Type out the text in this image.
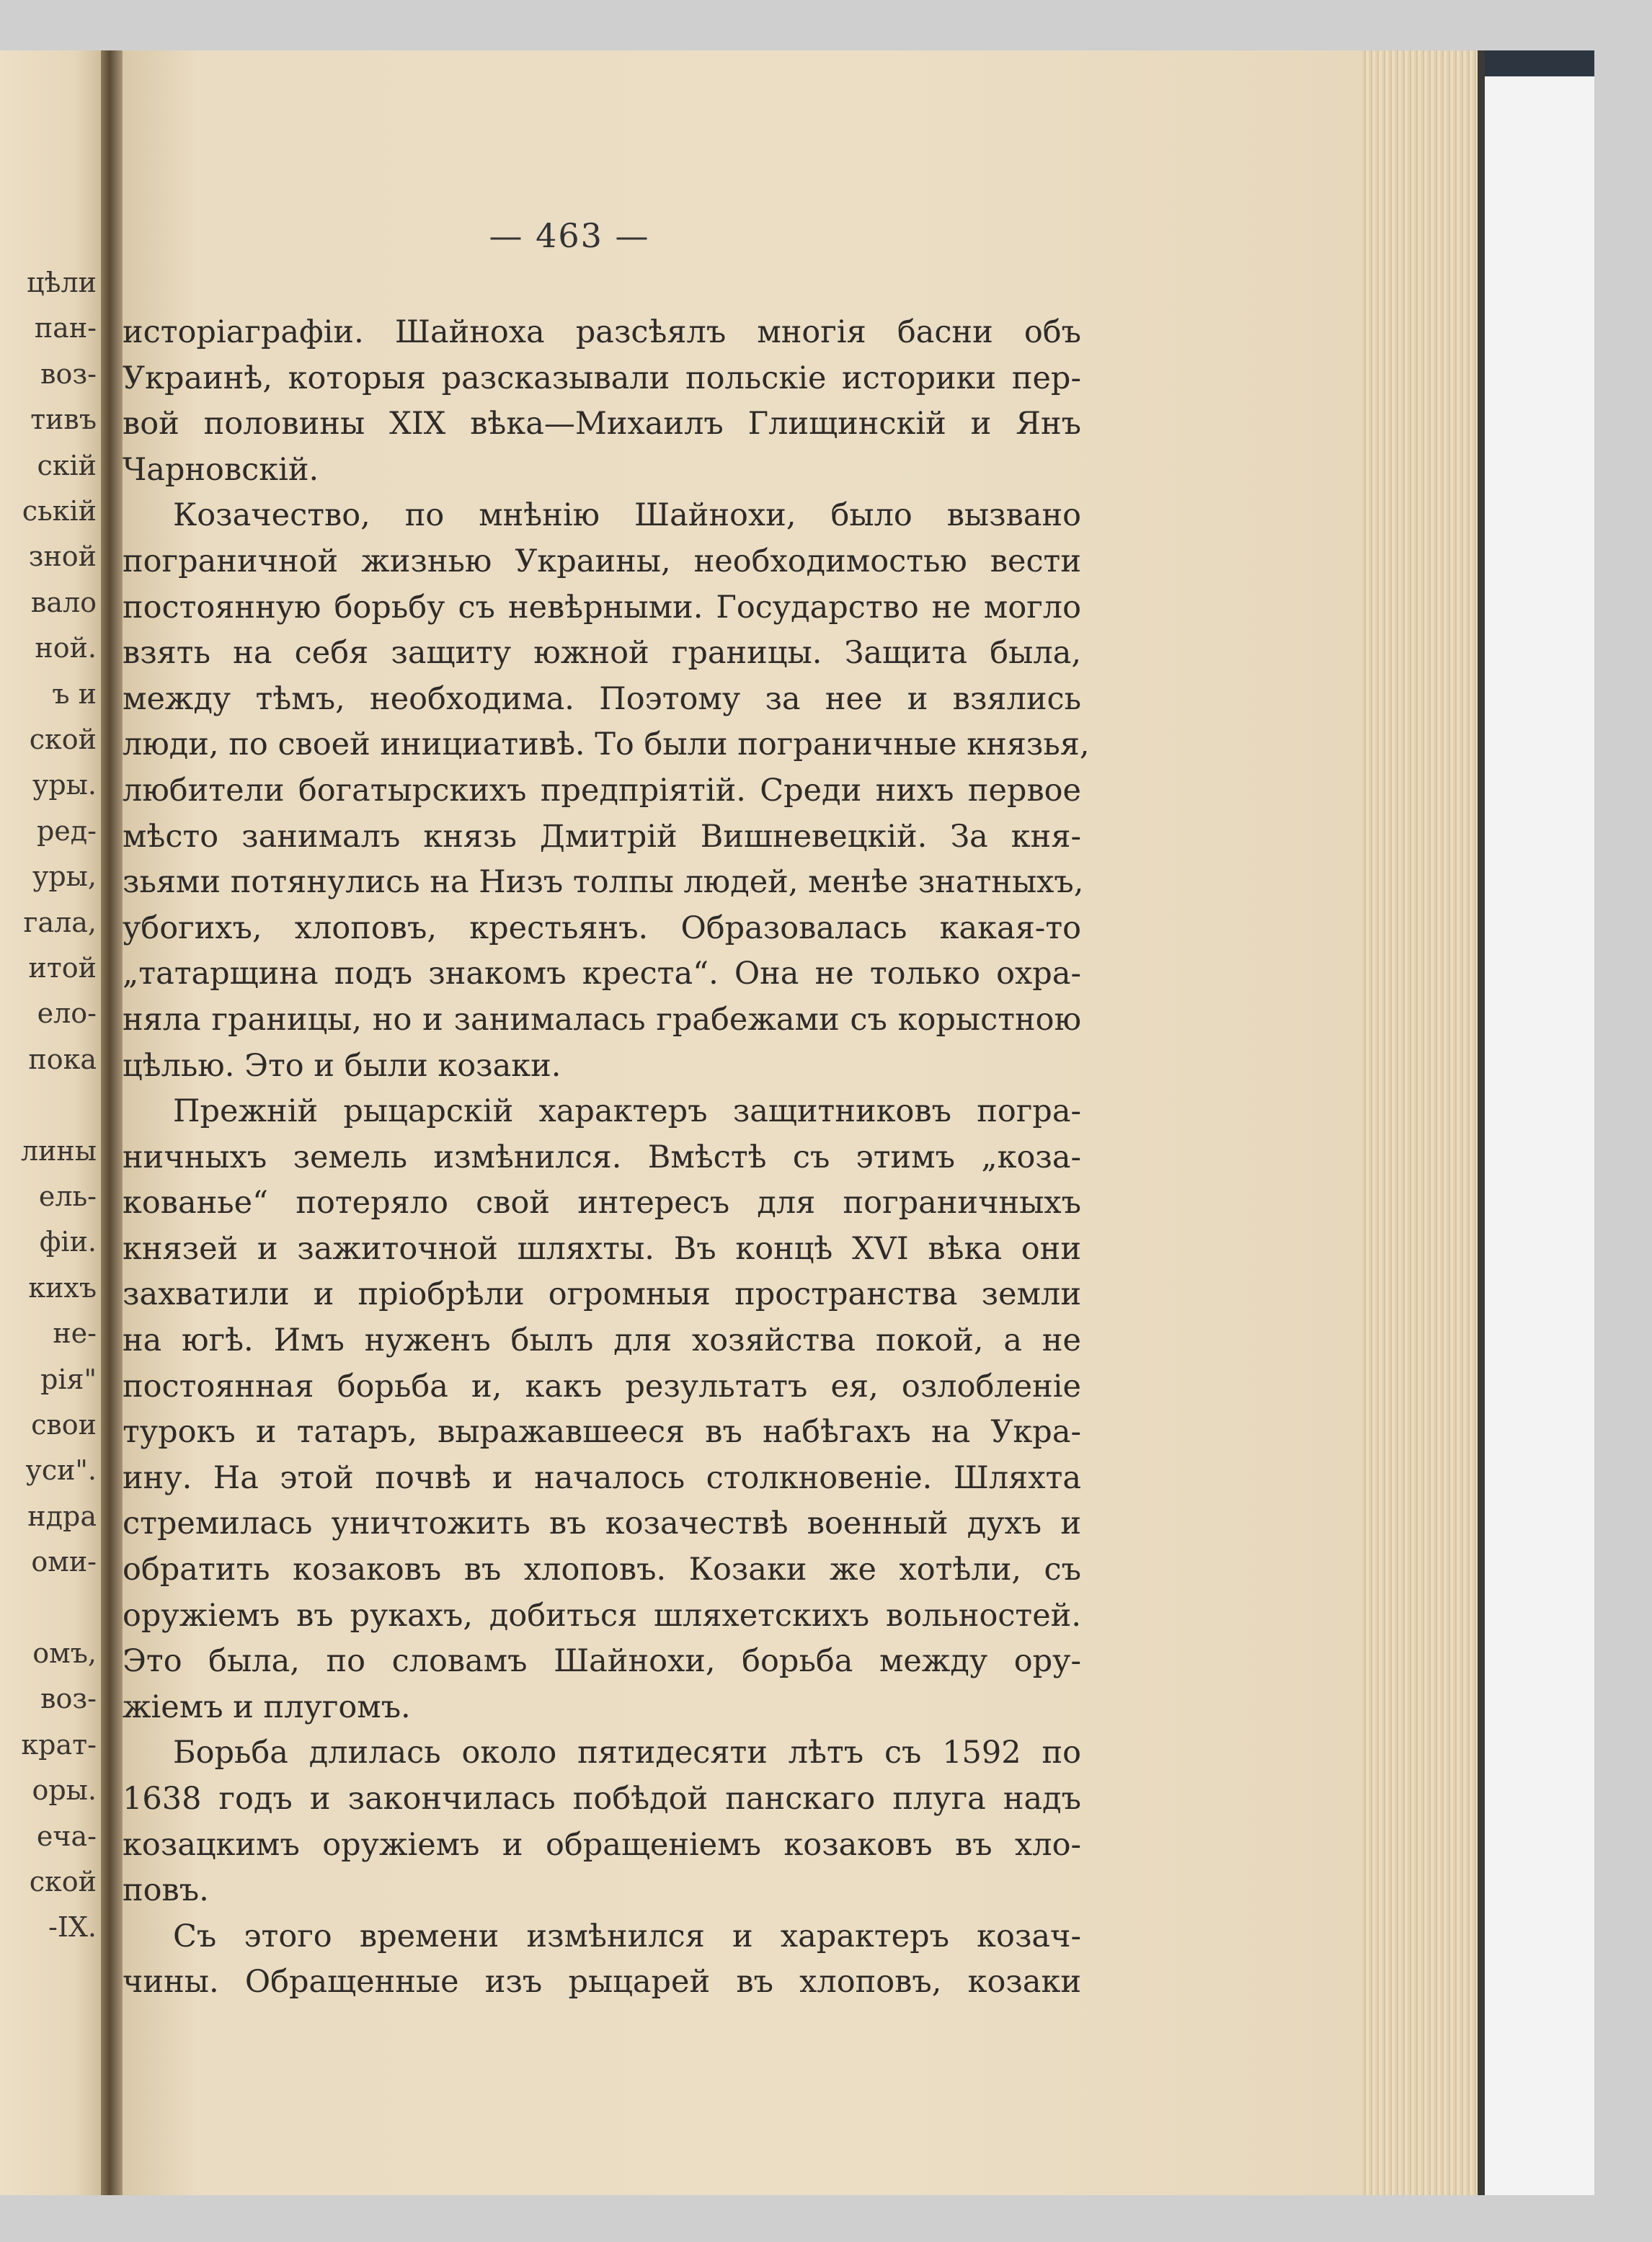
цѣли
пан-
воз-
тивъ
скій
ській
зной
вало
ной.
ъ и
ской
уры.
ред-
уры,
гала,
итой
ело-
пока
лины
ель-
фіи.
кихъ
не-
рія"
свои
уси".
ндра
оми-
омъ,
воз-
крат-
оры.
еча-
ской
-IX.
— 463 —
исторіаграфіи. Шайноха разсѣялъ многія басни объ
Украинѣ, которыя разсказывали польскіе историки пер-
вой половины XIX вѣка—Михаилъ Глищинскій и Янъ
Чарновскій.
Козачество, по мнѣнію Шайнохи, было вызвано
пограничной жизнью Украины, необходимостью вести
постоянную борьбу съ невѣрными. Государство не могло
взять на себя защиту южной границы. Защита была,
между тѣмъ, необходима. Поэтому за нее и взялись
люди, по своей инициативѣ. То были пограничные князья,
любители богатырскихъ предпріятій. Среди нихъ первое
мѣсто занималъ князь Дмитрій Вишневецкій. За кня-
зьями потянулись на Низъ толпы людей, менѣе знатныхъ,
убогихъ, хлоповъ, крестьянъ. Образовалась какая-то
„татарщина подъ знакомъ креста“. Она не только охра-
няла границы, но и занималась грабежами съ корыстною
цѣлью. Это и были козаки.
Прежній рыцарскій характеръ защитниковъ погра-
ничныхъ земель измѣнился. Вмѣстѣ съ этимъ „коза-
кованье“ потеряло свой интересъ для пограничныхъ
князей и зажиточной шляхты. Въ концѣ XVI вѣка они
захватили и пріобрѣли огромныя пространства земли
на югѣ. Имъ нуженъ былъ для хозяйства покой, а не
постоянная борьба и, какъ результатъ ея, озлобленіе
турокъ и татаръ, выражавшееся въ набѣгахъ на Укра-
ину. На этой почвѣ и началось столкновеніе. Шляхта
стремилась уничтожить въ козачествѣ военный духъ и
обратить козаковъ въ хлоповъ. Козаки же хотѣли, съ
оружіемъ въ рукахъ, добиться шляхетскихъ вольностей.
Это была, по словамъ Шайнохи, борьба между ору-
жіемъ и плугомъ.
Борьба длилась около пятидесяти лѣтъ съ 1592 по
1638 годъ и закончилась побѣдой панскаго плуга надъ
козацкимъ оружіемъ и обращеніемъ козаковъ въ хло-
повъ.
Съ этого времени измѣнился и характеръ козач-
чины. Обращенные изъ рыцарей въ хлоповъ, козаки
